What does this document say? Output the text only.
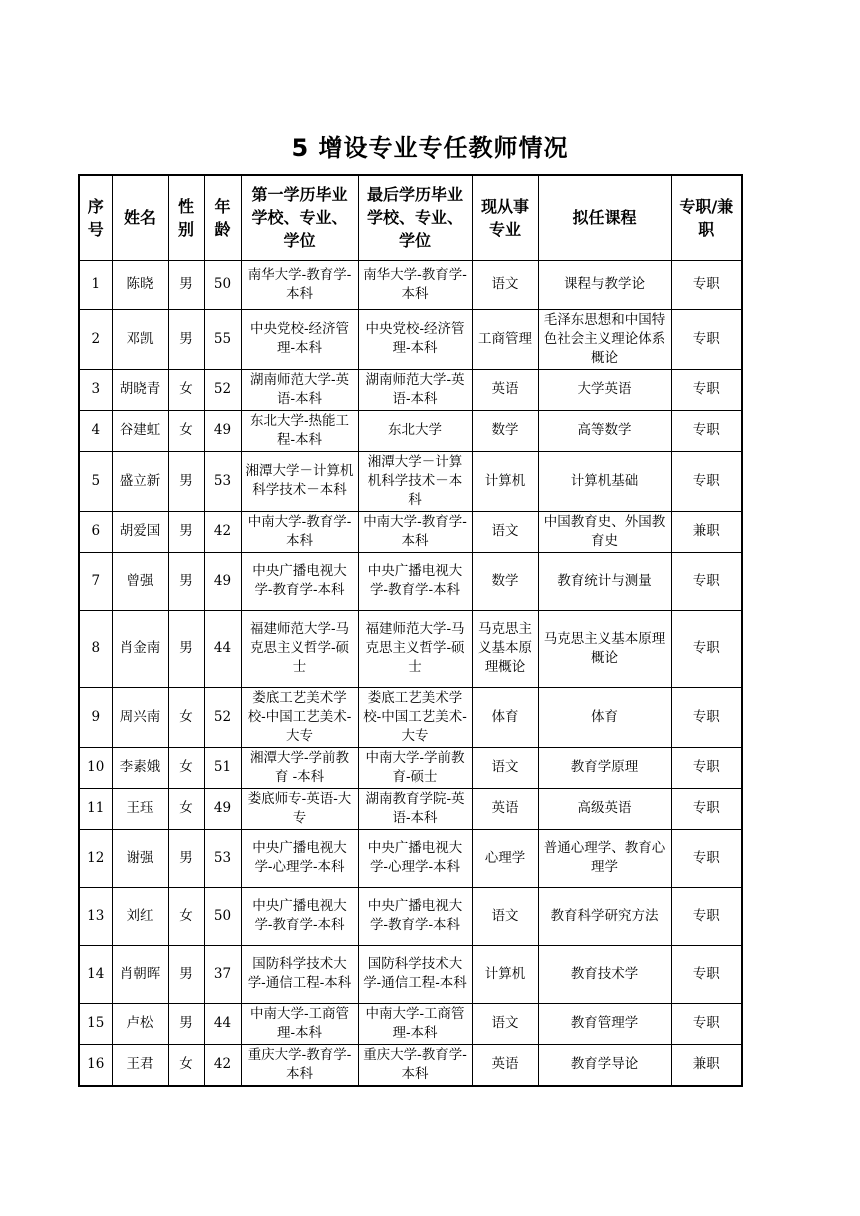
5 增设专业专任教师情况
序号	姓名	性别	年龄	第一学历毕业学校、专业、学位	最后学历毕业学校、专业、学位	现从事专业	拟任课程	专职/兼职
1	陈晓	男	50	南华大学-教育学-本科	南华大学-教育学-本科	语文	课程与教学论	专职
2	邓凯	男	55	中央党校-经济管理-本科	中央党校-经济管理-本科	工商管理	毛泽东思想和中国特色社会主义理论体系概论	专职
3	胡晓青	女	52	湖南师范大学-英语-本科	湖南师范大学-英语-本科	英语	大学英语	专职
4	谷建虹	女	49	东北大学-热能工程-本科	东北大学	数学	高等数学	专职
5	盛立新	男	53	湘潭大学－计算机科学技术－本科	湘潭大学－计算机科学技术－本科	计算机	计算机基础	专职
6	胡爱国	男	42	中南大学-教育学-本科	中南大学-教育学-本科	语文	中国教育史、外国教育史	兼职
7	曾强	男	49	中央广播电视大学-教育学-本科	中央广播电视大学-教育学-本科	数学	教育统计与测量	专职
8	肖金南	男	44	福建师范大学-马克思主义哲学-硕士	福建师范大学-马克思主义哲学-硕士	马克思主义基本原理概论	马克思主义基本原理概论	专职
9	周兴南	女	52	娄底工艺美术学校-中国工艺美术-大专	娄底工艺美术学校-中国工艺美术-大专	体育	体育	专职
10	李素娥	女	51	湘潭大学-学前教育 -本科	中南大学-学前教育-硕士	语文	教育学原理	专职
11	王珏	女	49	娄底师专-英语-大专	湖南教育学院-英语-本科	英语	高级英语	专职
12	谢强	男	53	中央广播电视大学-心理学-本科	中央广播电视大学-心理学-本科	心理学	普通心理学、教育心理学	专职
13	刘红	女	50	中央广播电视大学-教育学-本科	中央广播电视大学-教育学-本科	语文	教育科学研究方法	专职
14	肖朝晖	男	37	国防科学技术大学-通信工程-本科	国防科学技术大学-通信工程-本科	计算机	教育技术学	专职
15	卢松	男	44	中南大学-工商管理-本科	中南大学-工商管理-本科	语文	教育管理学	专职
16	王君	女	42	重庆大学-教育学-本科	重庆大学-教育学-本科	英语	教育学导论	兼职
